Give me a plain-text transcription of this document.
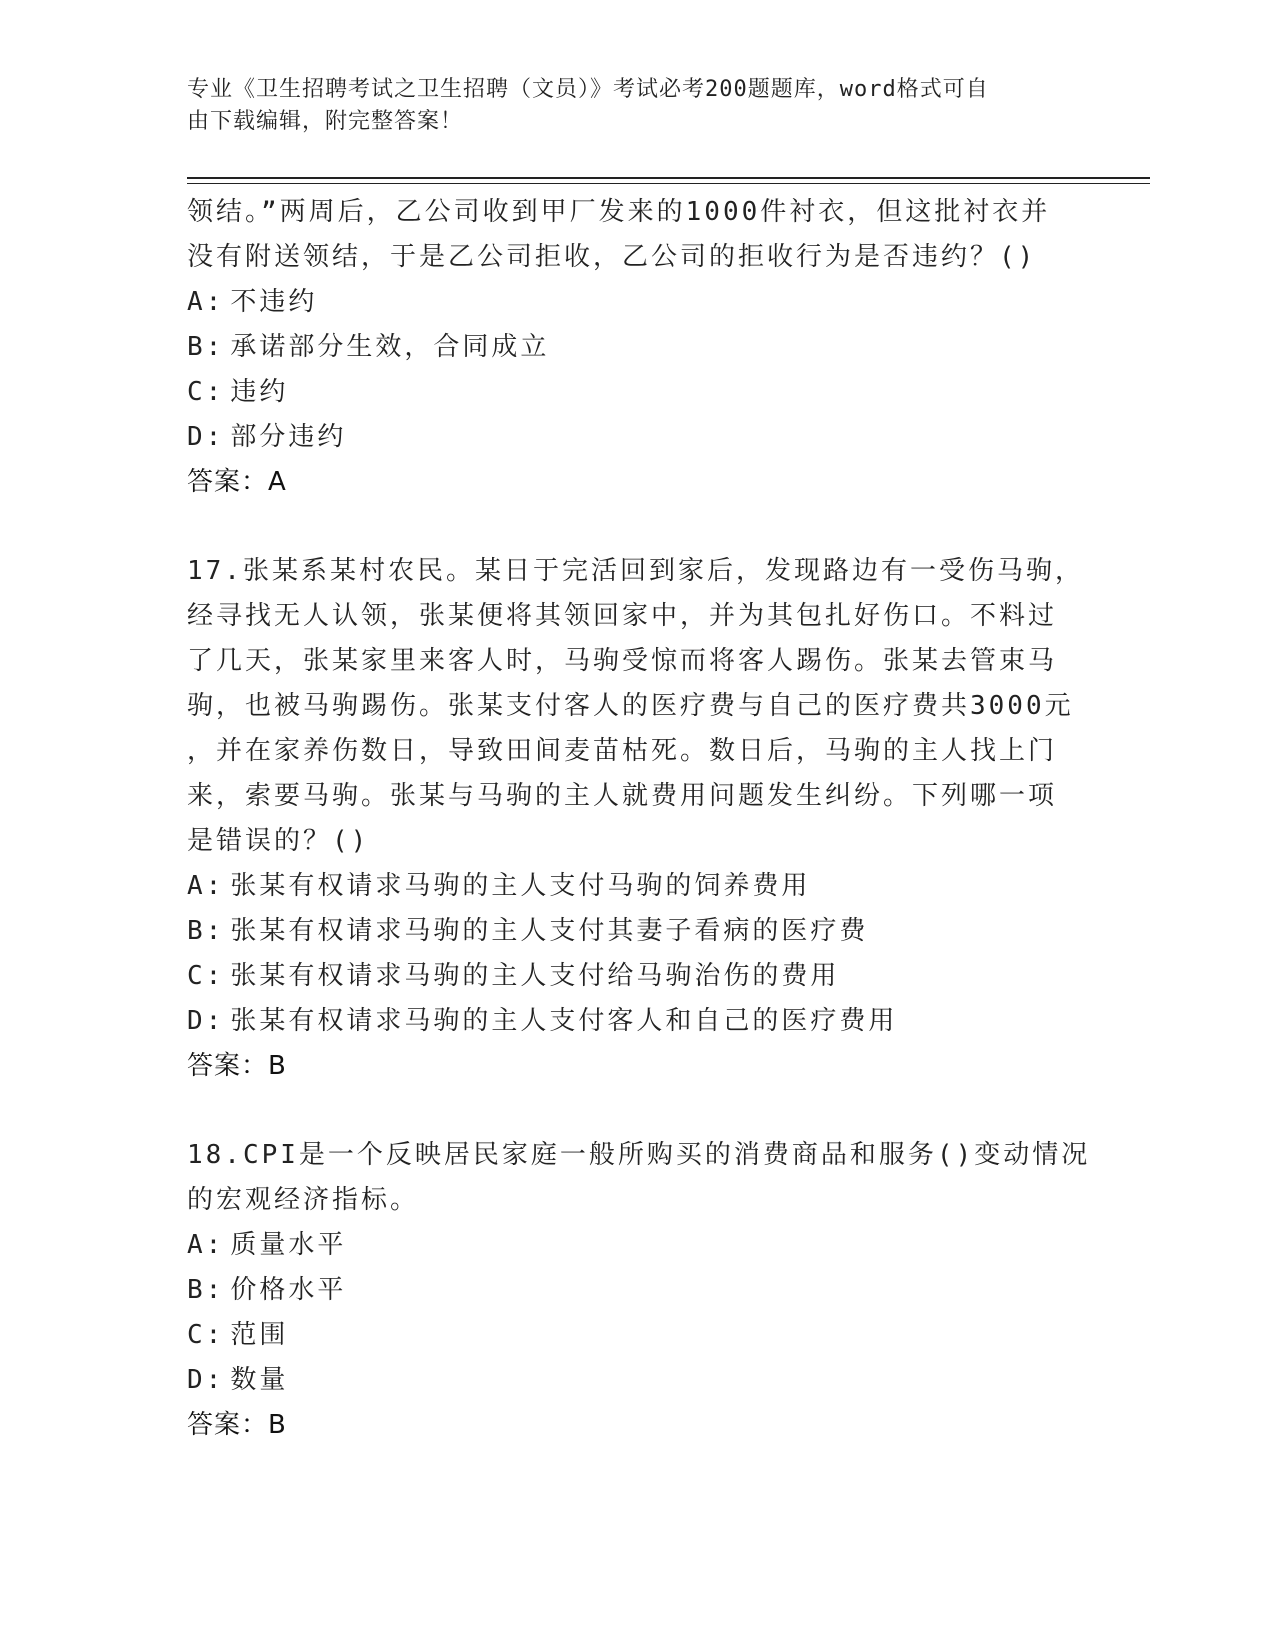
专业《卫生招聘考试之卫生招聘（文员）》考试必考200题题库，word格式可自
由下载编辑，附完整答案！
领结。”两周后，乙公司收到甲厂发来的1000件衬衣，但这批衬衣并
没有附送领结，于是乙公司拒收，乙公司的拒收行为是否违约？()
A: 不违约
B: 承诺部分生效，合同成立
C: 违约
D: 部分违约
答案：A
17.张某系某村农民。某日于完活回到家后，发现路边有一受伤马驹，
经寻找无人认领，张某便将其领回家中，并为其包扎好伤口。不料过
了几天，张某家里来客人时，马驹受惊而将客人踢伤。张某去管束马
驹，也被马驹踢伤。张某支付客人的医疗费与自己的医疗费共3000元
，并在家养伤数日，导致田间麦苗枯死。数日后，马驹的主人找上门
来，索要马驹。张某与马驹的主人就费用问题发生纠纷。下列哪一项
是错误的？()
A: 张某有权请求马驹的主人支付马驹的饲养费用
B: 张某有权请求马驹的主人支付其妻子看病的医疗费
C: 张某有权请求马驹的主人支付给马驹治伤的费用
D: 张某有权请求马驹的主人支付客人和自己的医疗费用
答案：B
18.CPI是一个反映居民家庭一般所购买的消费商品和服务()变动情况
的宏观经济指标。
A: 质量水平
B: 价格水平
C: 范围
D: 数量
答案：B
